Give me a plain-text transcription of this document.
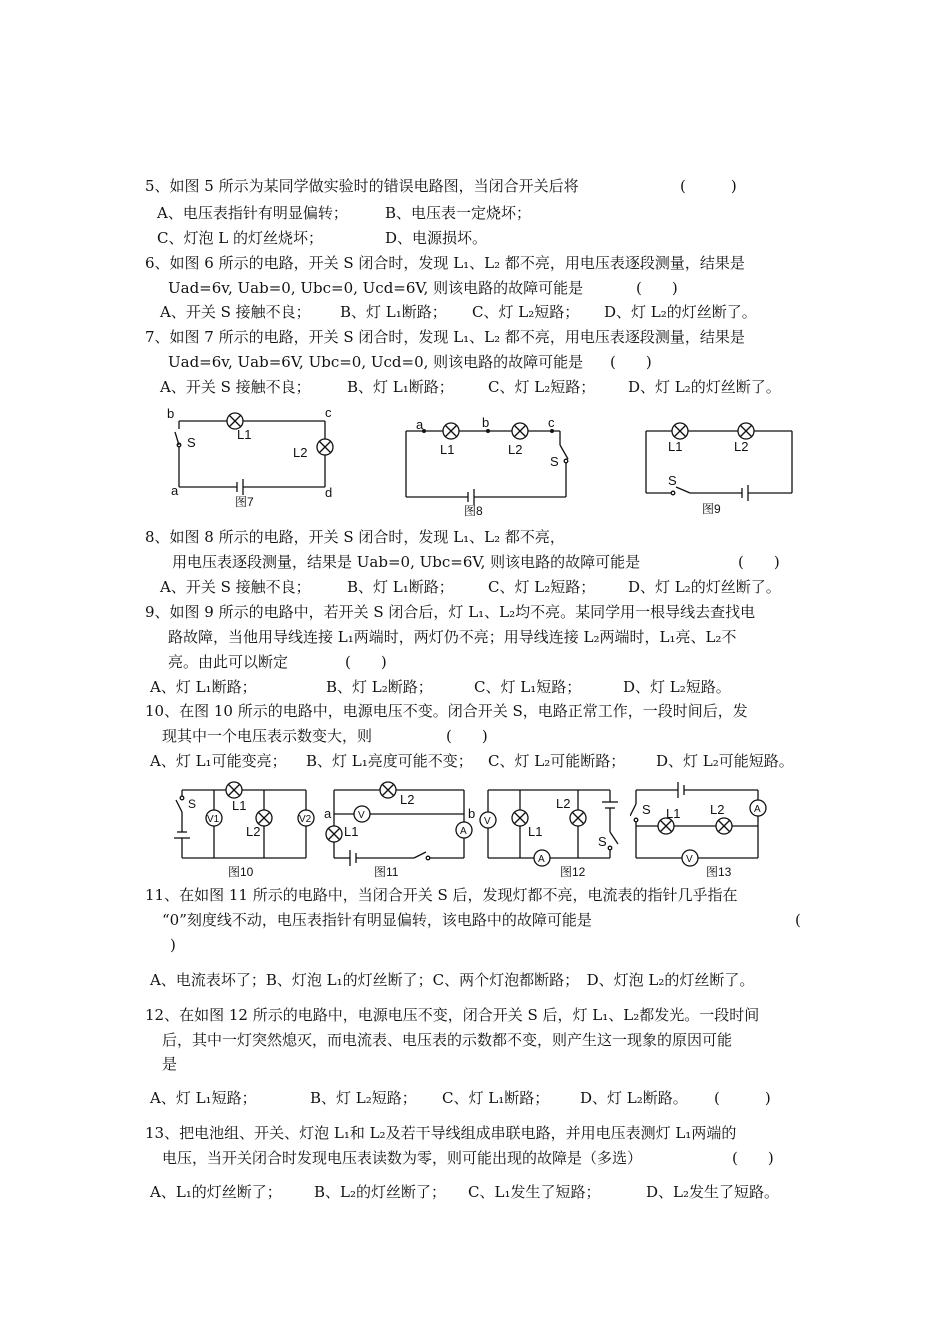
5、如图 5 所示为某同学做实验时的错误电路图，当闭合开关后将	(　　　)
A、电压表指针有明显偏转； B、电压表一定烧坏；
C、灯泡 L 的灯丝烧坏；	D、电源损坏。
6、如图 6 所示的电路，开关 S 闭合时，发现 L₁、L₂ 都不亮，用电压表逐段测量，结果是
Uad=6v, Uab=0, Ubc=0, Ucd=6V, 则该电路的故障可能是	(　　)
A、开关 S 接触不良； B、灯 L₁断路； C、灯 L₂短路； D、灯 L₂的灯丝断了。
7、如图 7 所示的电路，开关 S 闭合时，发现 L₁、L₂ 都不亮，用电压表逐段测量，结果是
Uad=6v, Uab=6V, Ubc=0, Ucd=0, 则该电路的故障可能是 (　　)
A、开关 S 接触不良； B、灯 L₁断路； C、灯 L₂短路； D、灯 L₂的灯丝断了。
b	c
L1
L2
S
a	d
图7
a	b	c
L1	L2
S
图8
L1	L2
S
图9
8、如图 8 所示的电路，开关 S 闭合时，发现 L₁、L₂ 都不亮，
用电压表逐段测量，结果是 Uab=0, Ubc=6V, 则该电路的故障可能是	(　　)
A、开关 S 接触不良； B、灯 L₁断路； C、灯 L₂短路； D、灯 L₂的灯丝断了。
9、如图 9 所示的电路中，若开关 S 闭合后，灯 L₁、L₂均不亮。某同学用一根导线去查找电
路故障，当他用导线连接 L₁两端时，两灯仍不亮；用导线连接 L₂两端时，L₁亮、L₂不
亮。由此可以断定	(　　)
A、灯 L₁断路；	B、灯 L₂断路；	C、灯 L₁短路；	D、灯 L₂短路。
10、在图 10 所示的电路中，电源电压不变。闭合开关 S，电路正常工作，一段时间后，发
现其中一个电压表示数变大，则	(　　)
A、灯 L₁可能变亮； B、灯 L₁亮度可能不变； C、灯 L₂可能断路； D、灯 L₂可能短路。
S
V1
L1
L2
V2
图10
a	b
L2
L1
V
A
图11
V
L1
L2
S
A
图12
S L1 L2	A
V
图13
11、在如图 11 所示的电路中，当闭合开关 S 后，发现灯都不亮，电流表的指针几乎指在
“0”刻度线不动，电压表指针有明显偏转，该电路中的故障可能是	(
)
A、电流表坏了；B、灯泡 L₁的灯丝断了；C、两个灯泡都断路；　D、灯泡 L₂的灯丝断了。
12、在如图 12 所示的电路中，电源电压不变，闭合开关 S 后，灯 L₁、L₂都发光。一段时间
后，其中一灯突然熄灭，而电流表、电压表的示数都不变，则产生这一现象的原因可能
是
A、灯 L₁短路；	B、灯 L₂短路； C、灯 L₁断路； D、灯 L₂断路。 (　　　)
13、把电池组、开关、灯泡 L₁和 L₂及若干导线组成串联电路，并用电压表测灯 L₁两端的
电压，当开关闭合时发现电压表读数为零，则可能出现的故障是（多选）	(　　)
A、L₁的灯丝断了； B、L₂的灯丝断了； C、L₁发生了短路；	D、L₂发生了短路。
